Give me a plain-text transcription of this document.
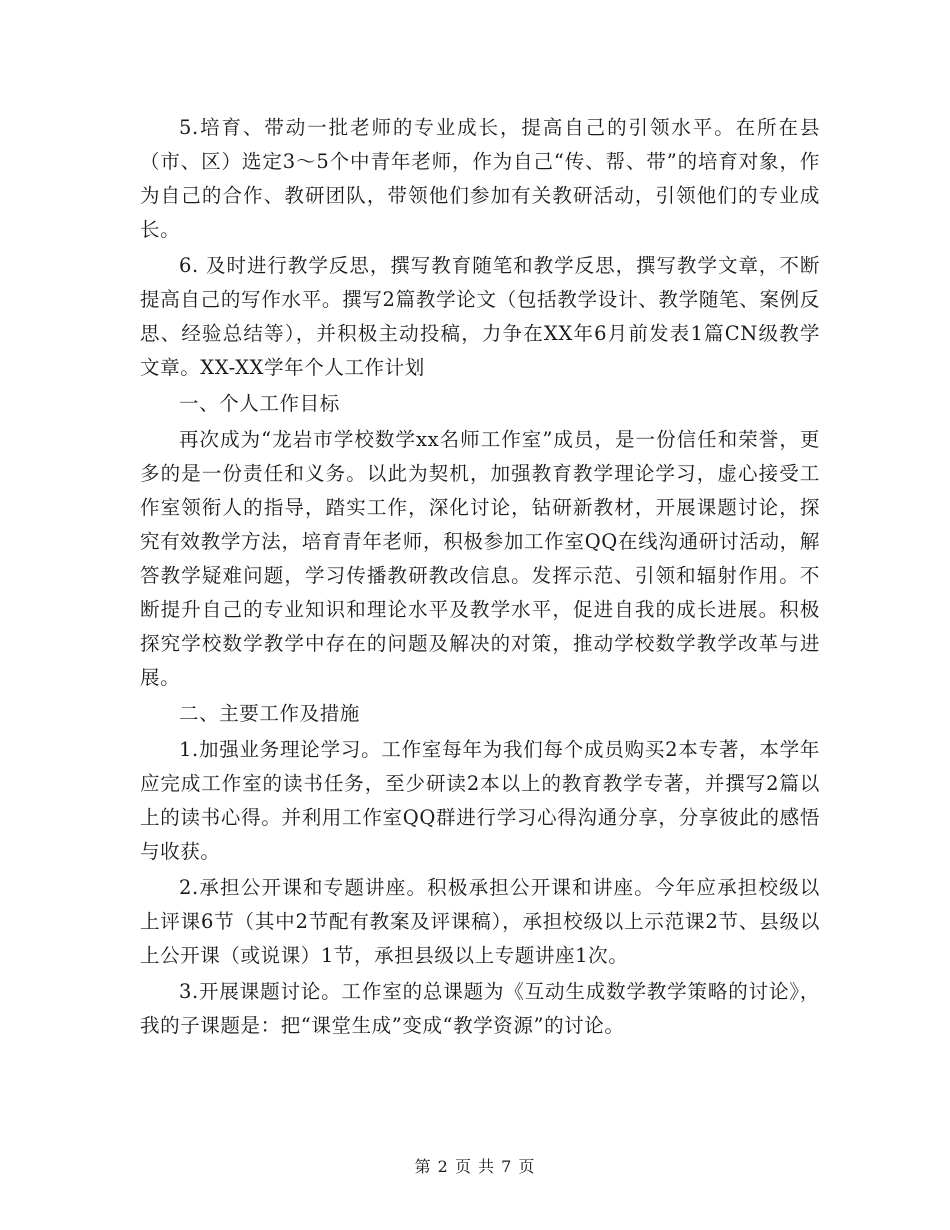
5.培育、带动一批老师的专业成长，提高自己的引领水平。在所在县（市、区）选定3～5个中青年老师，作为自己“传、帮、带”的培育对象，作为自己的合作、教研团队，带领他们参加有关教研活动，引领他们的专业成长。

6. 及时进行教学反思，撰写教育随笔和教学反思，撰写教学文章，不断提高自己的写作水平。撰写2篇教学论文（包括教学设计、教学随笔、案例反思、经验总结等），并积极主动投稿，力争在XX年6月前发表1篇CN级教学文章。XX-XX学年个人工作计划

一、个人工作目标

再次成为“龙岩市学校数学xx名师工作室”成员，是一份信任和荣誉，更多的是一份责任和义务。以此为契机，加强教育教学理论学习，虚心接受工作室领衔人的指导，踏实工作，深化讨论，钻研新教材，开展课题讨论，探究有效教学方法，培育青年老师，积极参加工作室QQ在线沟通研讨活动，解答教学疑难问题，学习传播教研教改信息。发挥示范、引领和辐射作用。不断提升自己的专业知识和理论水平及教学水平，促进自我的成长进展。积极探究学校数学教学中存在的问题及解决的对策，推动学校数学教学改革与进展。

二、主要工作及措施

1.加强业务理论学习。工作室每年为我们每个成员购买2本专著，本学年应完成工作室的读书任务，至少研读2本以上的教育教学专著，并撰写2篇以上的读书心得。并利用工作室QQ群进行学习心得沟通分享，分享彼此的感悟与收获。

2.承担公开课和专题讲座。积极承担公开课和讲座。今年应承担校级以上评课6节（其中2节配有教案及评课稿），承担校级以上示范课2节、县级以上公开课（或说课）1节，承担县级以上专题讲座1次。

3.开展课题讨论。工作室的总课题为《互动生成数学教学策略的讨论》，我的子课题是：把“课堂生成”变成“教学资源”的讨论。

第 2 页 共 7 页
